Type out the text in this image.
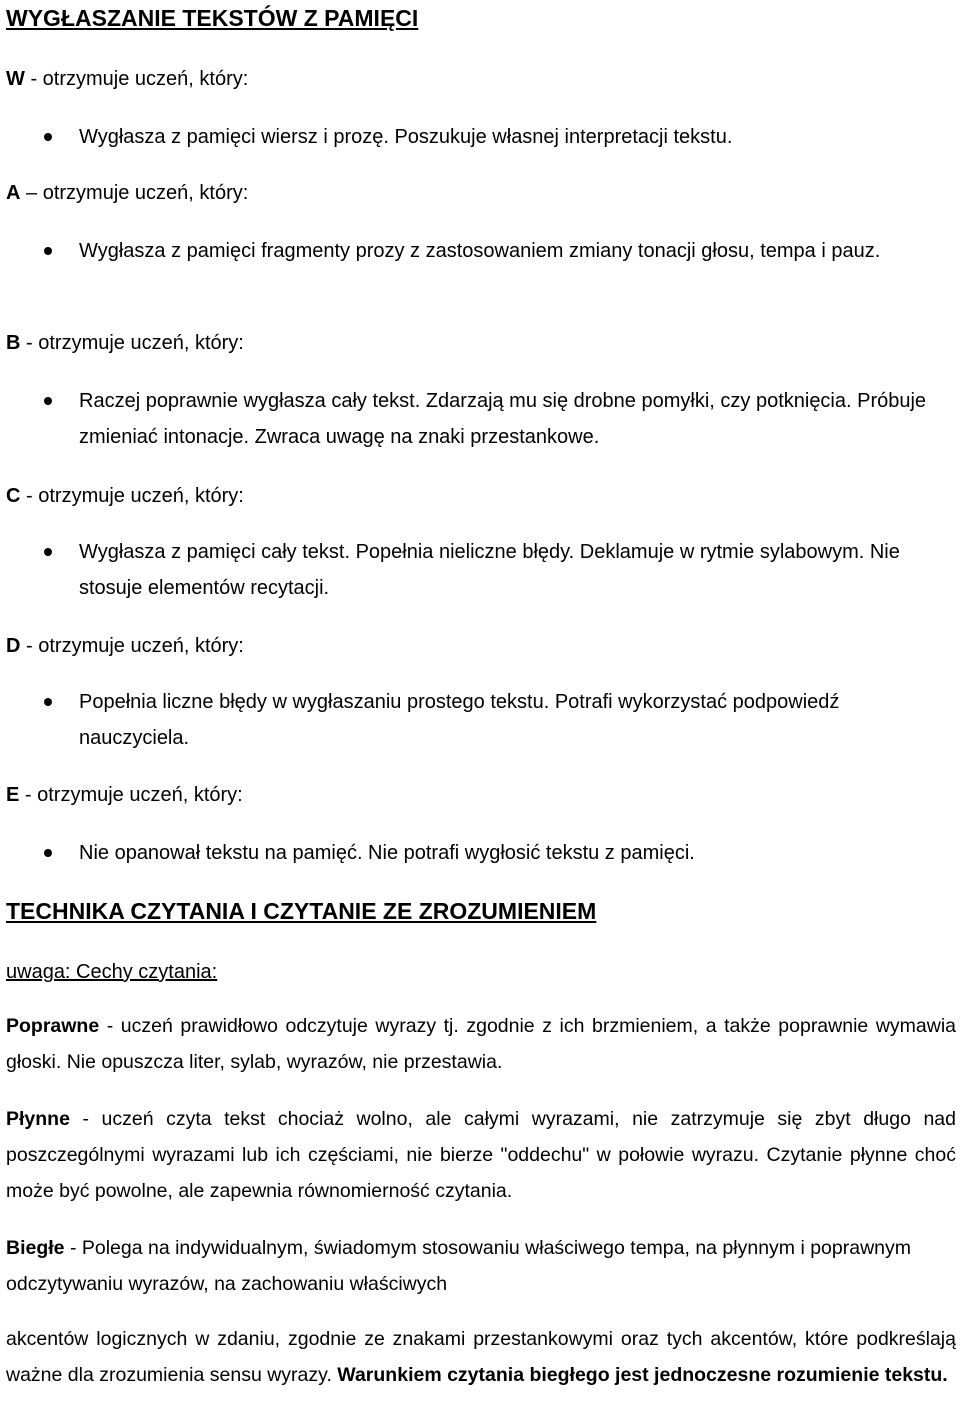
WYGŁASZANIE TEKSTÓW Z PAMIĘCI
W - otrzymuje uczeń, który:
Wygłasza z pamięci wiersz i prozę. Poszukuje własnej interpretacji tekstu.
A – otrzymuje uczeń, który:
Wygłasza z pamięci fragmenty prozy z zastosowaniem zmiany tonacji głosu, tempa i pauz.
B - otrzymuje uczeń, który:
Raczej poprawnie wygłasza cały tekst. Zdarzają mu się drobne pomyłki, czy potknięcia. Próbuje zmieniać intonacje. Zwraca uwagę na znaki przestankowe.
C - otrzymuje uczeń, który:
Wygłasza z pamięci cały tekst. Popełnia nieliczne błędy. Deklamuje w rytmie sylabowym. Nie stosuje elementów recytacji.
D - otrzymuje uczeń, który:
Popełnia liczne błędy w wygłaszaniu prostego tekstu. Potrafi wykorzystać podpowiedź nauczyciela.
E - otrzymuje uczeń, który:
Nie opanował tekstu na pamięć. Nie potrafi wygłosić tekstu z pamięci.
TECHNIKA CZYTANIA I CZYTANIE ZE ZROZUMIENIEM
uwaga: Cechy czytania:
Poprawne - uczeń prawidłowo odczytuje wyrazy tj. zgodnie z ich brzmieniem, a także poprawnie wymawia głoski. Nie opuszcza liter, sylab, wyrazów, nie przestawia.
Płynne - uczeń czyta tekst chociaż wolno, ale całymi wyrazami, nie zatrzymuje się zbyt długo nad poszczególnymi wyrazami lub ich częściami, nie bierze "oddechu" w połowie wyrazu. Czytanie płynne choć może być powolne, ale zapewnia równomierność czytania.
Biegłe - Polega na indywidualnym, świadomym stosowaniu właściwego tempa, na płynnym i poprawnym odczytywaniu wyrazów, na zachowaniu właściwych
akcentów logicznych w zdaniu, zgodnie ze znakami przestankowymi oraz tych akcentów, które podkreślają ważne dla zrozumienia sensu wyrazy. Warunkiem czytania biegłego jest jednoczesne rozumienie tekstu.
